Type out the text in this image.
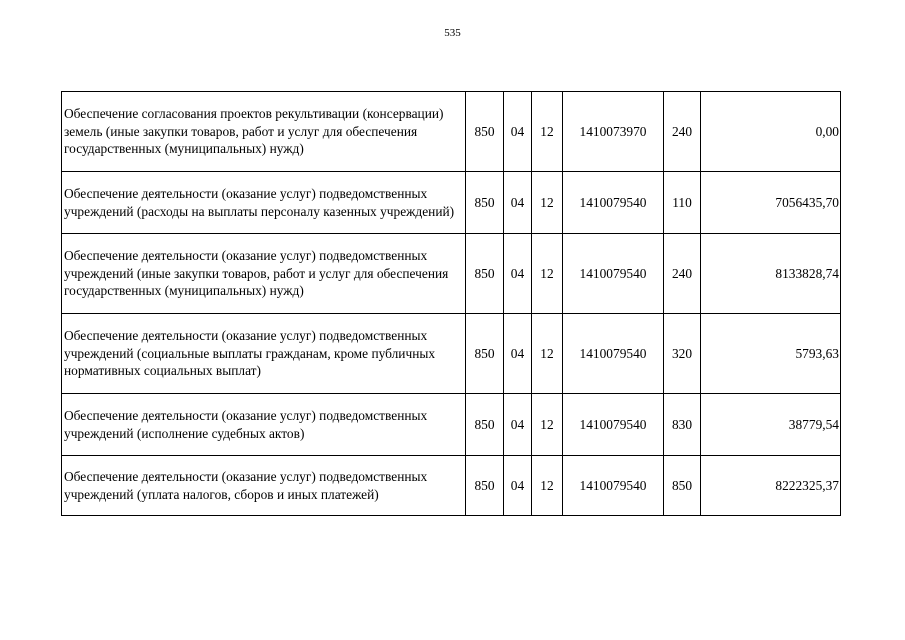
535
Обеспечение согласования проектов рекультивации (консервации) земель (иные закупки товаров, работ и услуг для обеспечения государственных (муниципальных) нужд)	850	04	12	1410073970	240	0,00
Обеспечение деятельности (оказание услуг) подведомственных учреждений (расходы на выплаты персоналу казенных учреждений)	850	04	12	1410079540	110	7056435,70
Обеспечение деятельности (оказание услуг) подведомственных учреждений (иные закупки товаров, работ и услуг для обеспечения государственных (муниципальных) нужд)	850	04	12	1410079540	240	8133828,74
Обеспечение деятельности (оказание услуг) подведомственных учреждений (социальные выплаты гражданам, кроме публичных нормативных социальных выплат)	850	04	12	1410079540	320	5793,63
Обеспечение деятельности (оказание услуг) подведомственных учреждений (исполнение судебных актов)	850	04	12	1410079540	830	38779,54
Обеспечение деятельности (оказание услуг) подведомственных учреждений (уплата налогов, сборов и иных платежей)	850	04	12	1410079540	850	8222325,37
